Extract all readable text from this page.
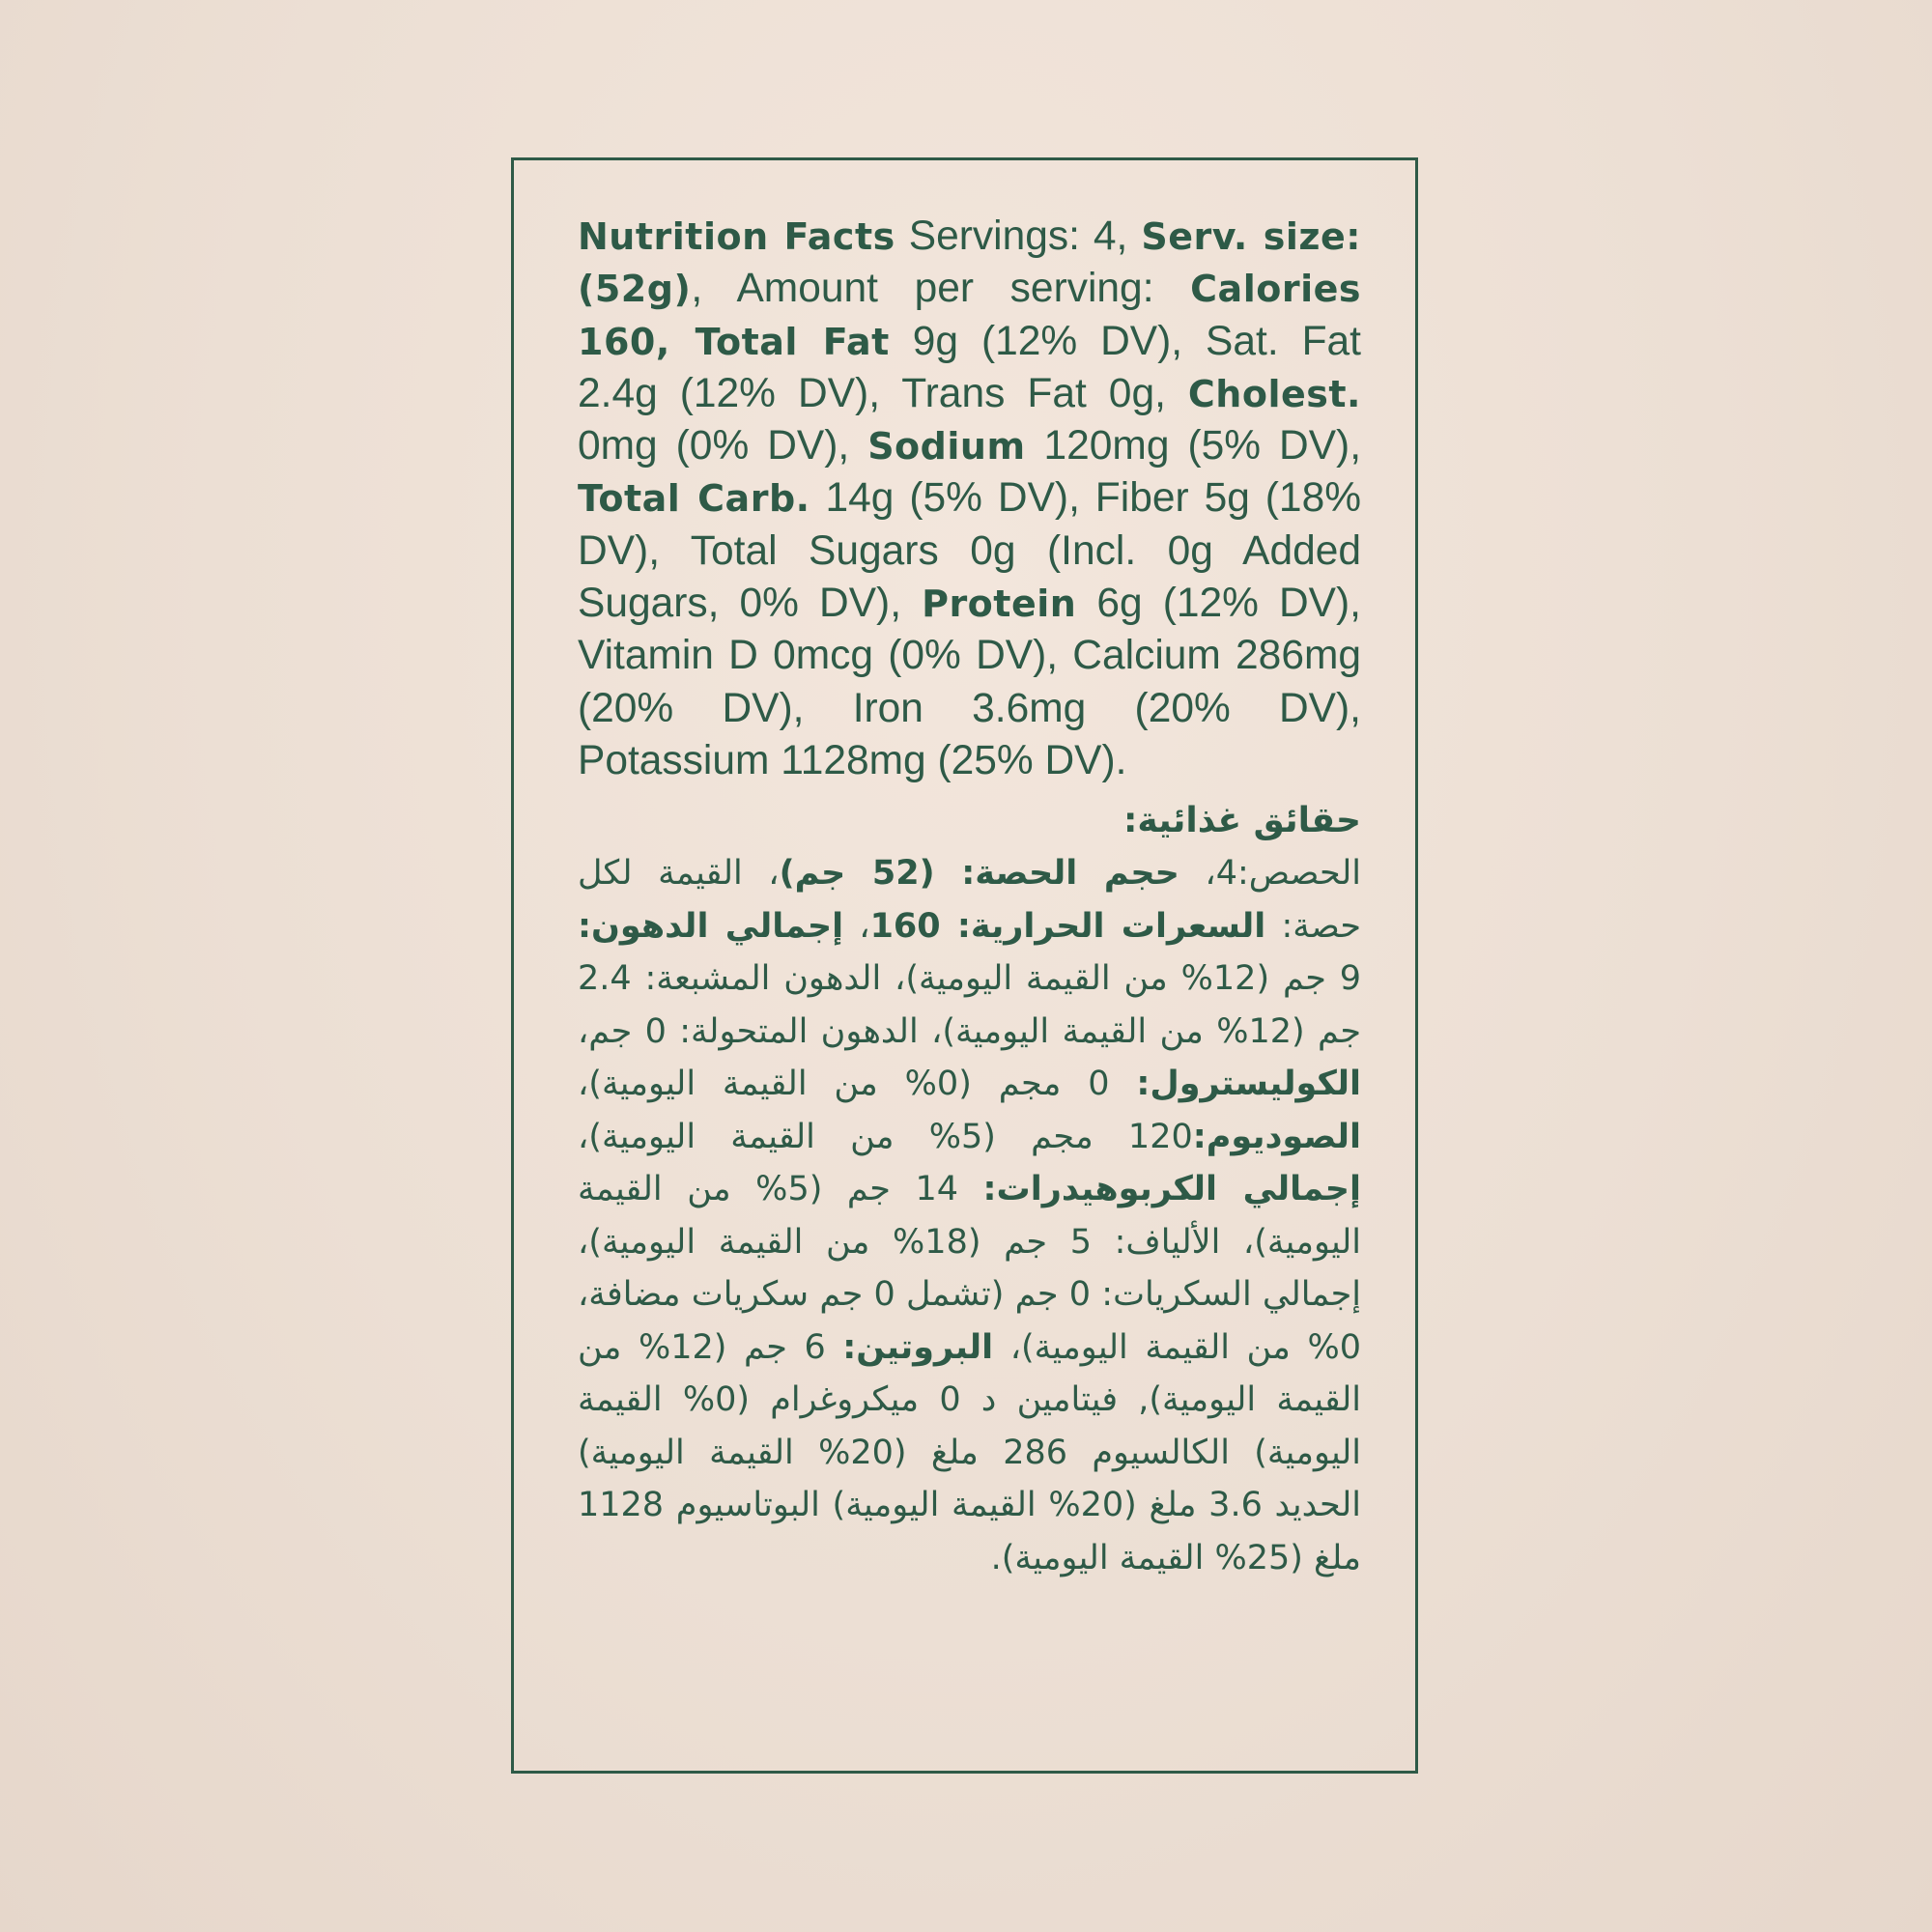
Nutrition Facts Servings: 4, Serv. size: (52g), Amount per serving: Calories 160, Total Fat 9g (12% DV), Sat. Fat 2.4g (12% DV), Trans Fat 0g, Cholest. 0mg (0% DV), Sodium 120mg (5% DV), Total Carb. 14g (5% DV), Fiber 5g (18% DV), Total Sugars 0g (Incl. 0g Added Sugars, 0% DV), Protein 6g (12% DV), Vitamin D 0mcg (0% DV), Calcium 286mg (20% DV), Iron 3.6mg (20% DV), Potassium 1128mg (25% DV).

حقائق غذائية:

الحصص:4، حجم الحصة: (52 جم)، القيمة لكل حصة: السعرات الحرارية: 160، إجمالي الدهون: 9 جم (12% من القيمة اليومية)، الدهون المشبعة: 2.4 جم (12% من القيمة اليومية)، الدهون المتحولة: 0 جم، الكوليسترول: 0 مجم (0% من القيمة اليومية)، الصوديوم:120 مجم (5% من القيمة اليومية)، إجمالي الكربوهيدرات: 14 جم (5% من القيمة اليومية)، الألياف: 5 جم (18% من القيمة اليومية)، إجمالي السكريات: 0 جم (تشمل 0 جم سكريات مضافة، 0% من القيمة اليومية)، البروتين: 6 جم (12% من القيمة اليومية), فيتامين د 0 ميكروغرام (0% القيمة اليومية) الكالسيوم 286 ملغ (20% القيمة اليومية) الحديد 3.6 ملغ (20% القيمة اليومية) البوتاسيوم 1128 ملغ (25% القيمة اليومية).
